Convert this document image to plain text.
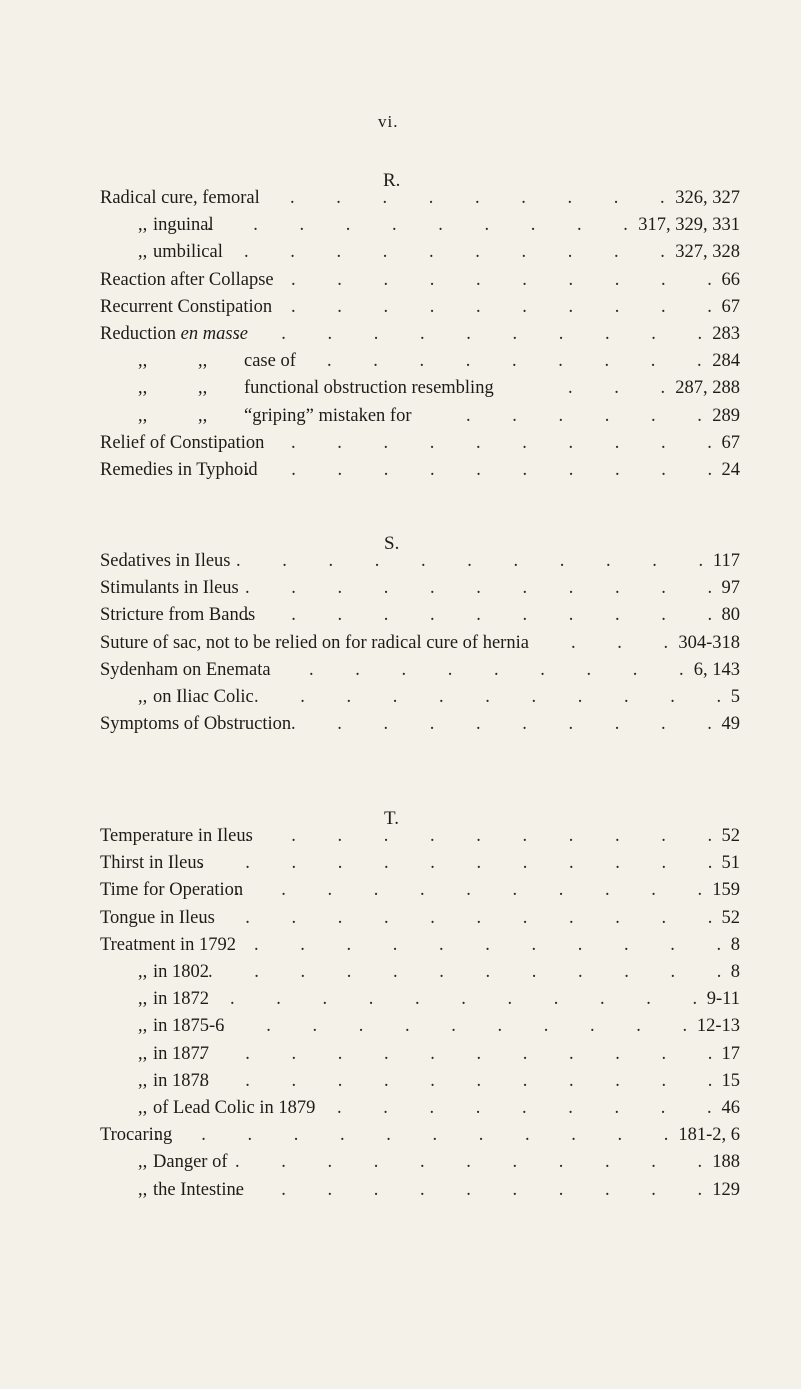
vi.
R.
Radical cure, femoral	326, 327
.         .         .         .         .         .         .         .         .
,, inguinal	317, 329, 331
.         .         .         .         .         .         .         .         .         .
,, umbilical	327, 328
.         .         .         .         .         .         .         .         .         .
Reaction after Collapse	66
.         .         .         .         .         .         .         .         .         .
Recurrent Constipation	67
.         .         .         .         .         .         .         .         .         .
Reduction en masse	283
.         .         .         .         .         .         .         .         .         .         .
,,	,, case of	284
.         .         .         .         .         .         .         .         .
,,	,, functional obstruction resembling	287, 288
.         .         .
,,	,, “griping” mistaken for	289
.         .         .         .         .         .
Relief of Constipation	67
.         .         .         .         .         .         .         .         .         .
Remedies in Typhoid	24
.         .         .         .         .         .         .         .         .         .         .
S.
Sedatives in Ileus	117
.         .         .         .         .         .         .         .         .         .         .
Stimulants in Ileus	97
.         .         .         .         .         .         .         .         .         .         .
Stricture from Bands	80
.         .         .         .         .         .         .         .         .         .         .
Suture of sac, not to be relied on for radical cure of hernia	304-318
.         .         .
Sydenham on Enemata	6, 143
.         .         .         .         .         .         .         .         .
,, on Iliac Colic	5
.         .         .         .         .         .         .         .         .         .         .
Symptoms of Obstruction	49
.         .         .         .         .         .         .         .         .         .
T.
Temperature in Ileus	52
.         .         .         .         .         .         .         .         .         .         .
Thirst in Ileus	51
.         .         .         .         .         .         .         .         .         .         .         .
Time for Operation	159
.         .         .         .         .         .         .         .         .         .         .
Tongue in Ileus	52
.         .         .         .         .         .         .         .         .         .         .         .
Treatment in 1792	8
.         .         .         .         .         .         .         .         .         .         .
,, in 1802	8
.         .         .         .         .         .         .         .         .         .         .         .
,, in 1872	9-11
.         .         .         .         .         .         .         .         .         .         .
,, in 1875-6	12-13
.         .         .         .         .         .         .         .         .         .         .
,, in 1877	17
.         .         .         .         .         .         .         .         .         .         .         .
,, in 1878	15
.         .         .         .         .         .         .         .         .         .         .         .
,, of Lead Colic in 1879	46
.         .         .         .         .         .         .         .         .
Trocaring	181-2, 6
.         .         .         .         .         .         .         .         .         .         .         .
,, Danger of	188
.         .         .         .         .         .         .         .         .         .         .
,, the Intestine	129
.         .         .         .         .         .         .         .         .         .         .
